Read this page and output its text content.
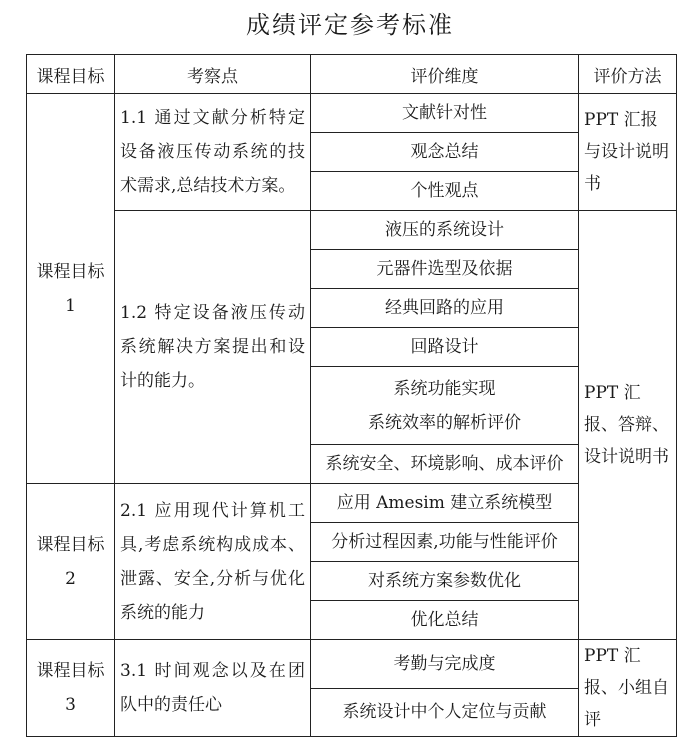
成绩评定参考标准
课程目标	考察点	评价维度	评价方法

课程目标
1	1.1 通过文献分析特定设备液压传动系统的技术需求,总结技术方案。	文献针对性	PPT 汇报与设计说明书
		观念总结	
		个性观点	
	1.2 特定设备液压传动系统解决方案提出和设计的能力。	液压的系统设计	PPT 汇报、答辩、设计说明书
		元器件选型及依据	
		经典回路的应用	
		回路设计	

		系统功能实现
系统效率的解析评价	

		系统安全、环境影响、成本评价	

课程目标
2	2.1 应用现代计算机工具,考虑系统构成成本、泄露、安全,分析与优化系统的能力	应用 Amesim 建立系统模型	
		分析过程因素,功能与性能评价	
		对系统方案参数优化	
		优化总结	

课程目标
3	3.1 时间观念以及在团队中的责任心	考勤与完成度	PPT 汇报、小组自评
		系统设计中个人定位与贡献	
